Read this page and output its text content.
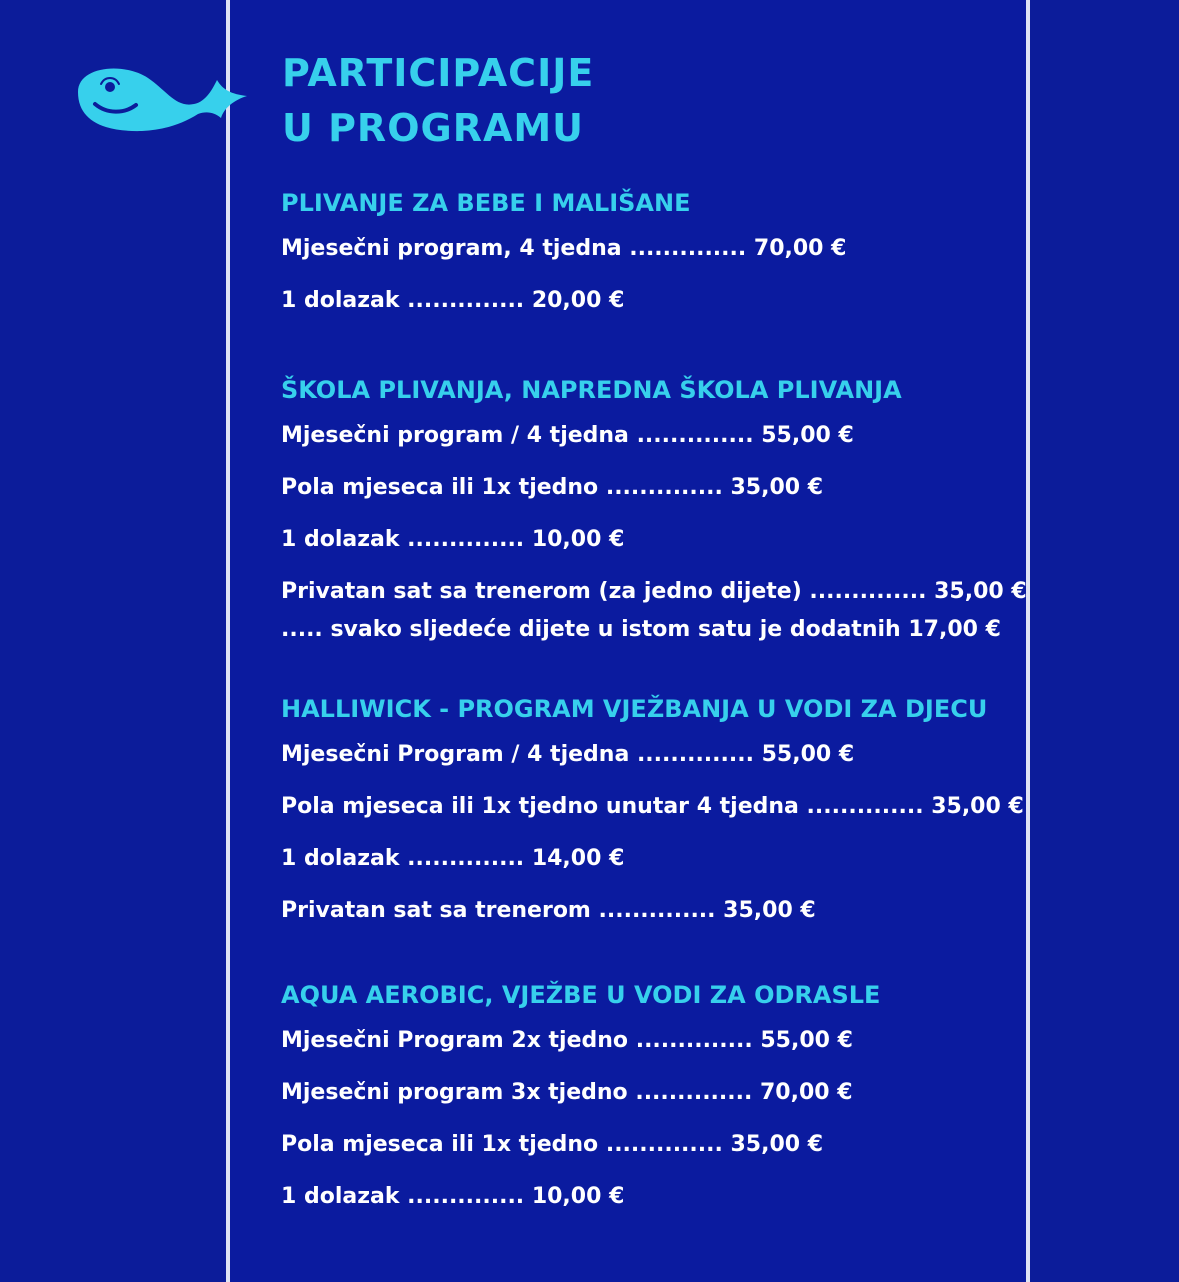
PARTICIPACIJE
U PROGRAMU
PLIVANJE ZA BEBE I MALIŠANE
Mjesečni program, 4 tjedna .............. 70,00 €
1 dolazak .............. 20,00 €
ŠKOLA PLIVANJA, NAPREDNA ŠKOLA PLIVANJA
Mjesečni program / 4 tjedna .............. 55,00 €
Pola mjeseca ili 1x tjedno .............. 35,00 €
1 dolazak .............. 10,00 €
Privatan sat sa trenerom (za jedno dijete) .............. 35,00 €
..... svako sljedeće dijete u istom satu je dodatnih 17,00 €
HALLIWICK - PROGRAM VJEŽBANJA U VODI ZA DJECU
Mjesečni Program / 4 tjedna .............. 55,00 €
Pola mjeseca ili 1x tjedno unutar 4 tjedna .............. 35,00 €
1 dolazak .............. 14,00 €
Privatan sat sa trenerom .............. 35,00 €
AQUA AEROBIC, VJEŽBE U VODI ZA ODRASLE
Mjesečni Program 2x tjedno .............. 55,00 €
Mjesečni program 3x tjedno .............. 70,00 €
Pola mjeseca ili 1x tjedno .............. 35,00 €
1 dolazak .............. 10,00 €
